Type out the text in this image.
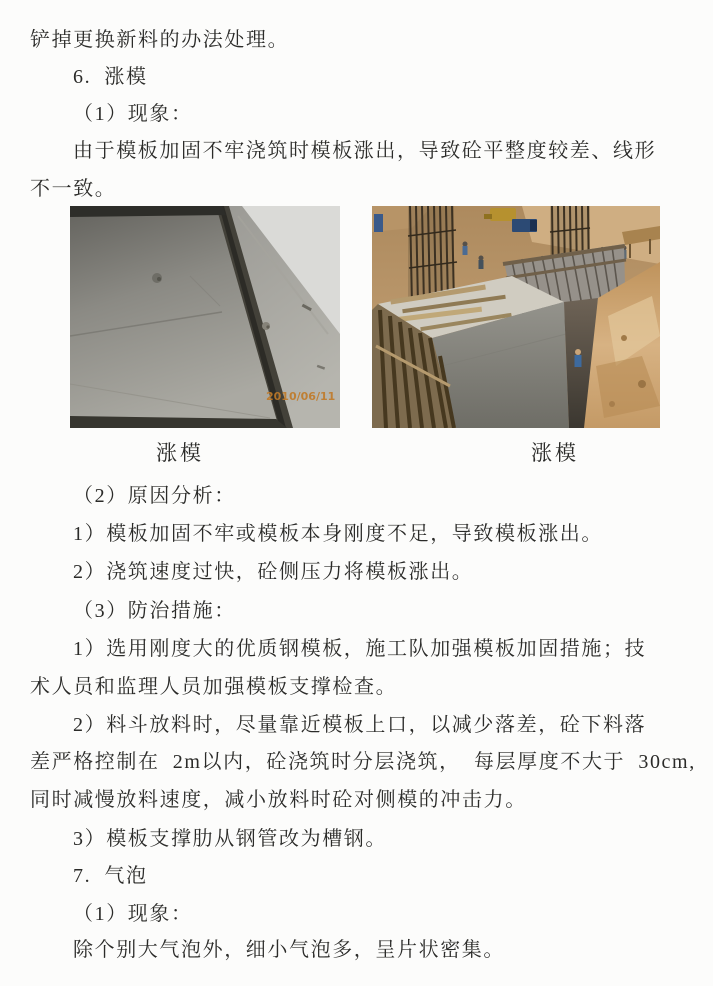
铲掉更换新料的办法处理。
6.  涨模
（1）现象：
由于模板加固不牢浇筑时模板涨出，导致砼平整度较差、线形
不一致。
2010/06/11
涨模	涨模
（2）原因分析：
1）模板加固不牢或模板本身刚度不足，导致模板涨出。
2）浇筑速度过快，砼侧压力将模板涨出。
（3）防治措施：
1）选用刚度大的优质钢模板，施工队加强模板加固措施；技
术人员和监理人员加强模板支撑检查。
2）料斗放料时，尽量靠近模板上口，以减少落差，砼下料落
差严格控制在  2m以内，砼浇筑时分层浇筑，  每层厚度不大于  30cm,
同时减慢放料速度，减小放料时砼对侧模的冲击力。
3）模板支撑肋从钢管改为槽钢。
7.  气泡
（1）现象：
除个别大气泡外，细小气泡多，呈片状密集。
